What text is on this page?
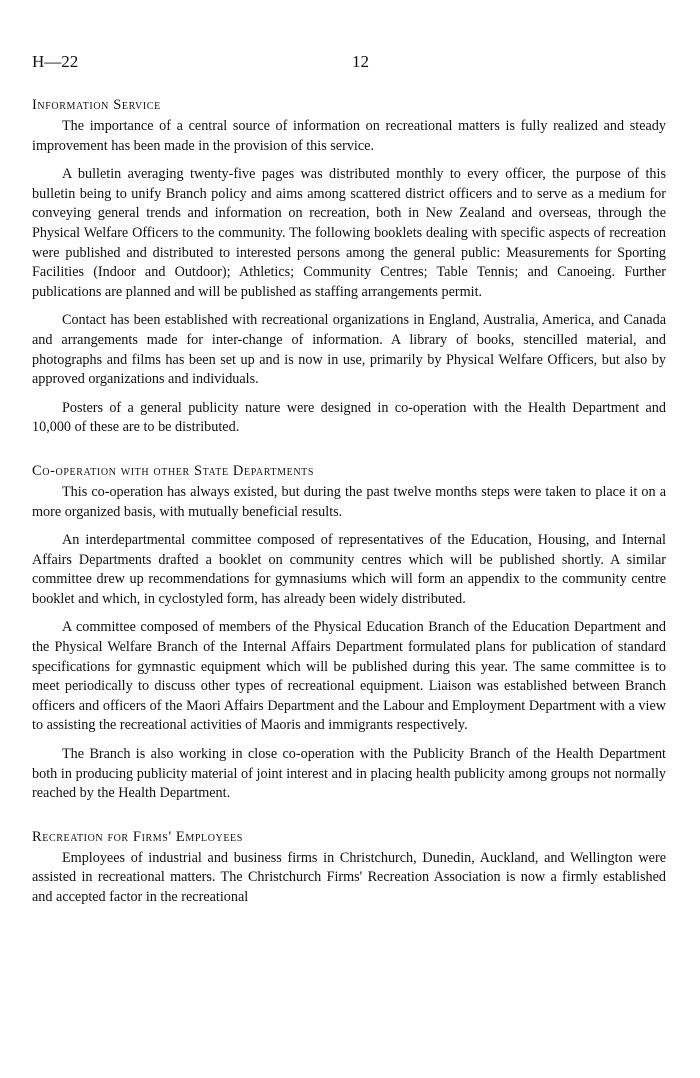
H—22	12
Information Service

The importance of a central source of information on recreational matters is fully realized and steady improvement has been made in the provision of this service.

A bulletin averaging twenty-five pages was distributed monthly to every officer, the purpose of this bulletin being to unify Branch policy and aims among scattered district officers and to serve as a medium for conveying general trends and information on recreation, both in New Zealand and overseas, through the Physical Welfare Officers to the community. The following booklets dealing with specific aspects of recreation were published and distributed to interested persons among the general public: Measurements for Sporting Facilities (Indoor and Outdoor); Athletics; Community Centres; Table Tennis; and Canoeing. Further publications are planned and will be published as staffing arrangements permit.

Contact has been established with recreational organizations in England, Australia, America, and Canada and arrangements made for inter-change of information. A library of books, stencilled material, and photographs and films has been set up and is now in use, primarily by Physical Welfare Officers, but also by approved organizations and individuals.

Posters of a general publicity nature were designed in co-operation with the Health Department and 10,000 of these are to be distributed.

Co-operation with other State Departments

This co-operation has always existed, but during the past twelve months steps were taken to place it on a more organized basis, with mutually beneficial results.

An interdepartmental committee composed of representatives of the Education, Housing, and Internal Affairs Departments drafted a booklet on community centres which will be published shortly. A similar committee drew up recommendations for gymnasiums which will form an appendix to the community centre booklet and which, in cyclostyled form, has already been widely distributed.

A committee composed of members of the Physical Education Branch of the Education Department and the Physical Welfare Branch of the Internal Affairs Department formulated plans for publication of standard specifications for gymnastic equipment which will be published during this year. The same committee is to meet periodically to discuss other types of recreational equipment. Liaison was established between Branch officers and officers of the Maori Affairs Department and the Labour and Employment Department with a view to assisting the recreational activities of Maoris and immigrants respectively.

The Branch is also working in close co-operation with the Publicity Branch of the Health Department both in producing publicity material of joint interest and in placing health publicity among groups not normally reached by the Health Department.

Recreation for Firms' Employees

Employees of industrial and business firms in Christchurch, Dunedin, Auckland, and Wellington were assisted in recreational matters. The Christchurch Firms' Recreation Association is now a firmly established and accepted factor in the recreational
